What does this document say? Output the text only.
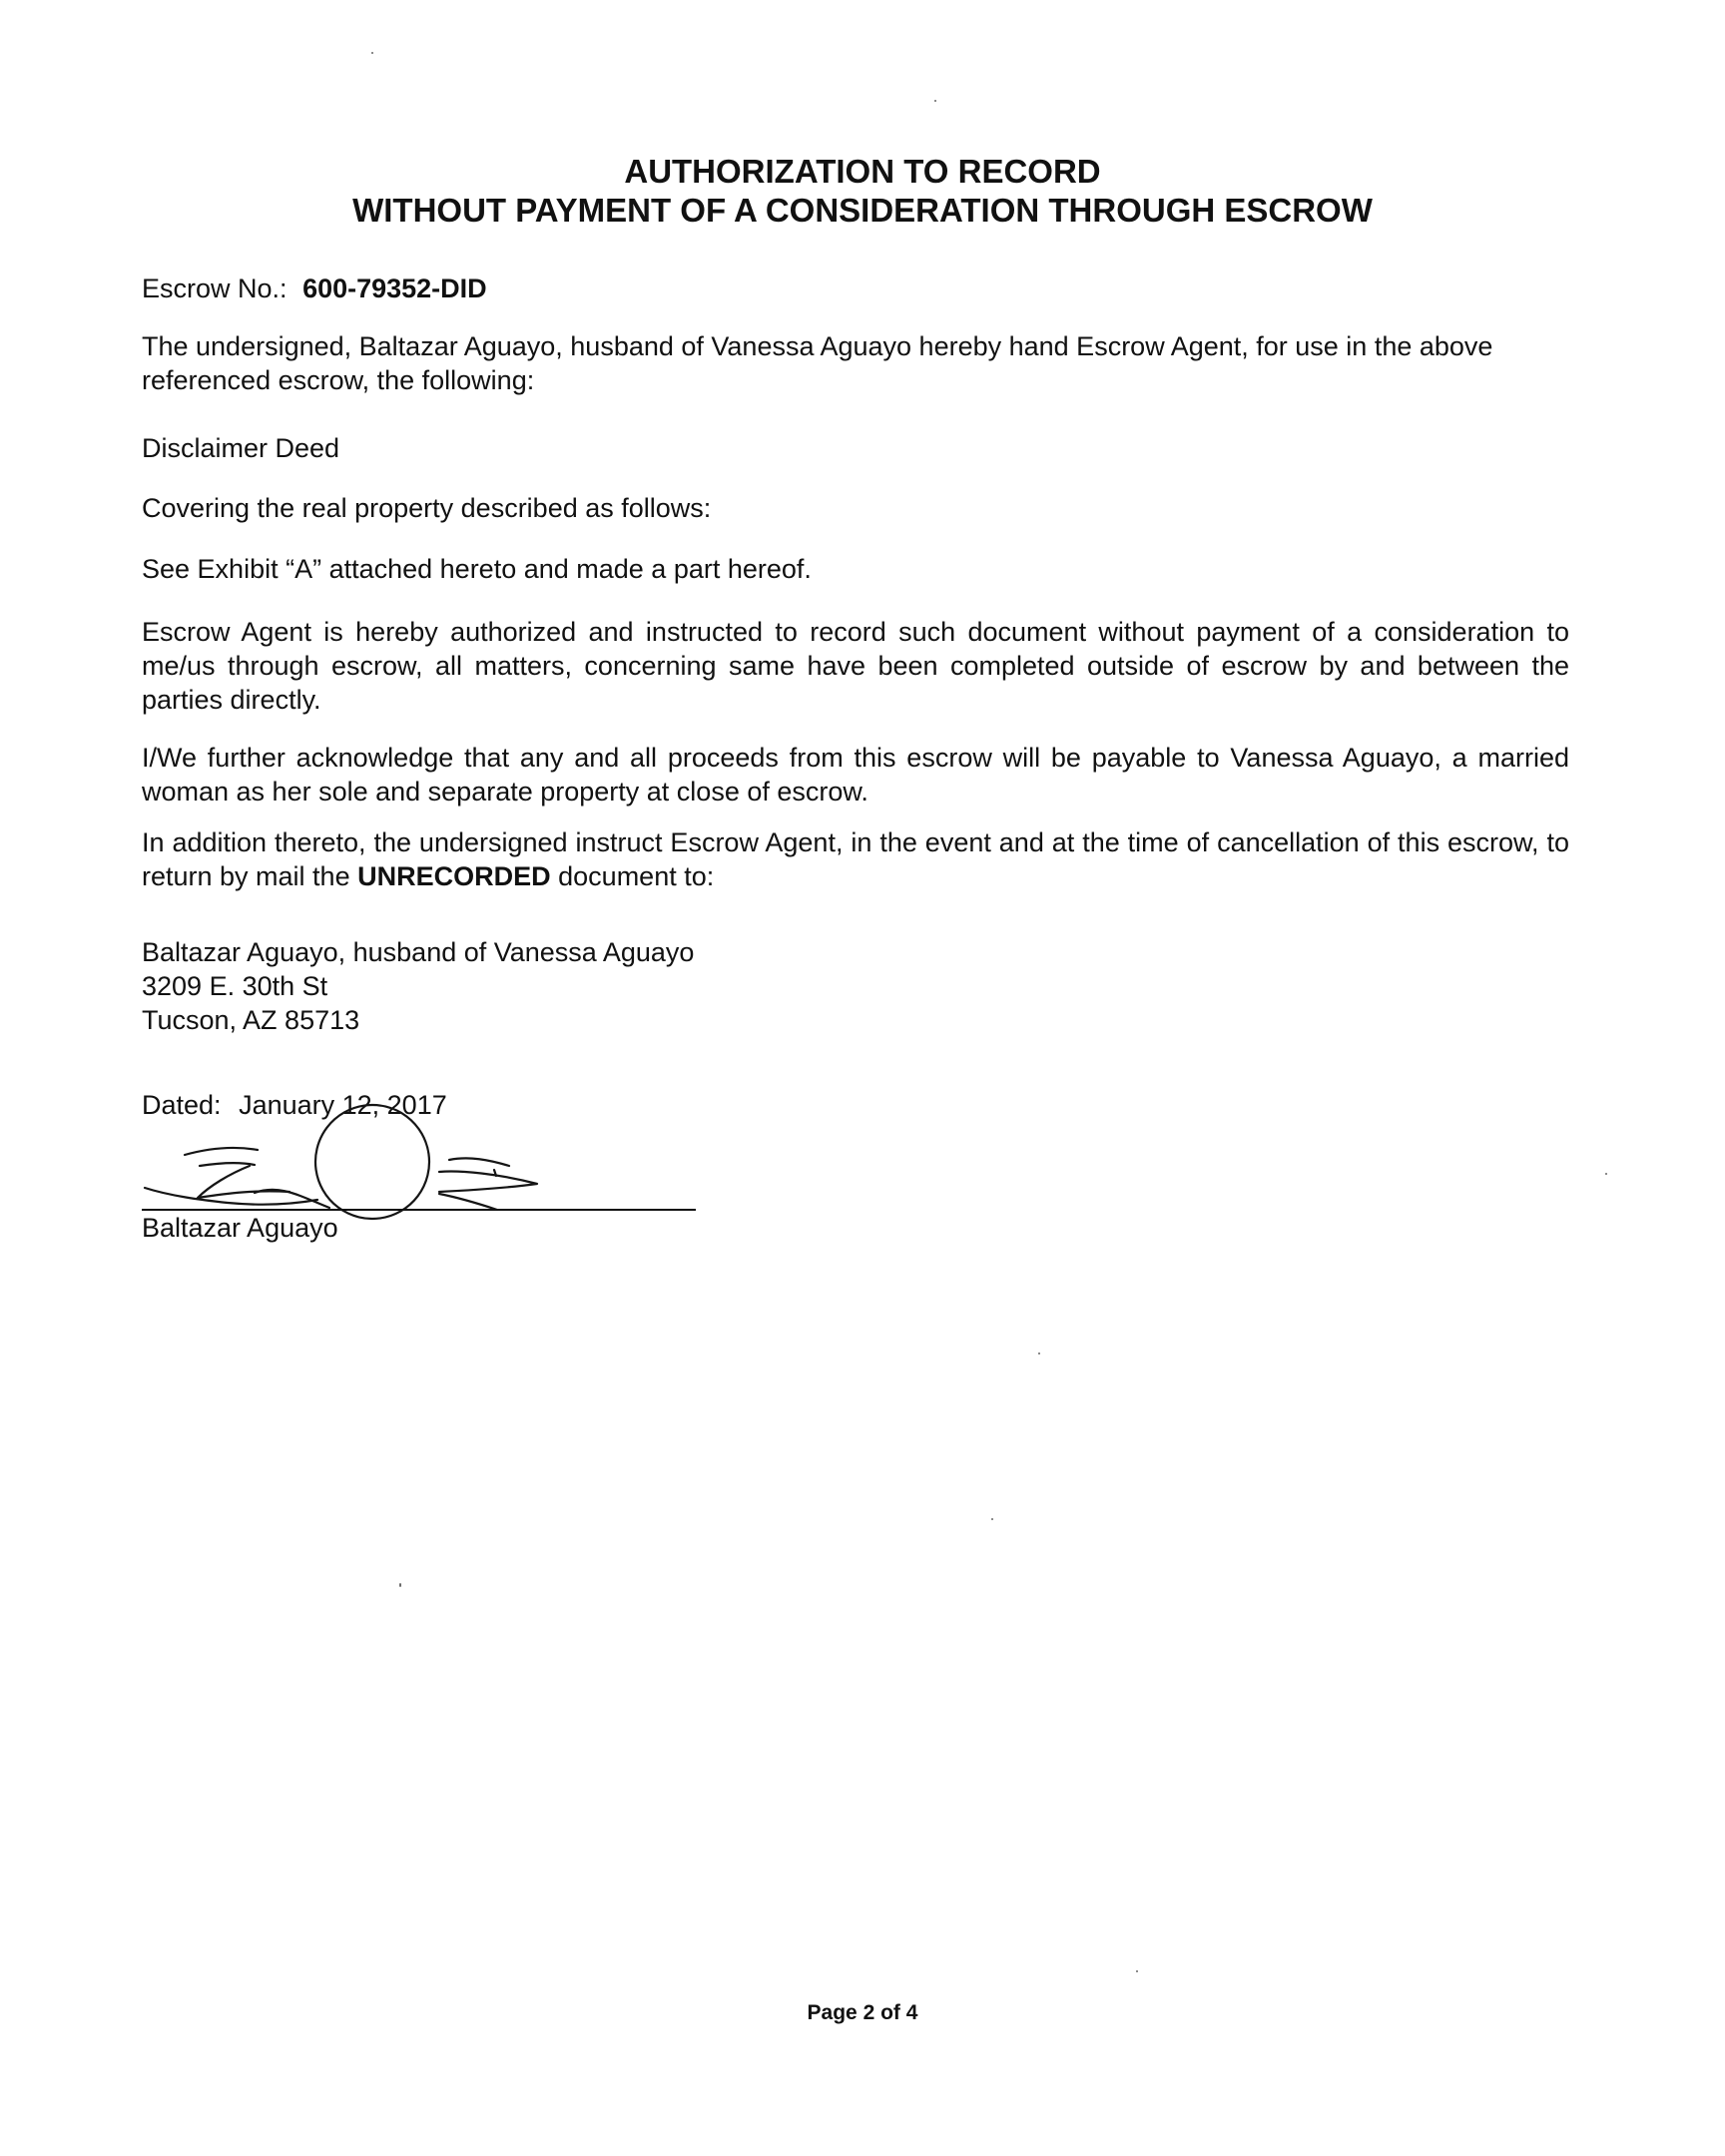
AUTHORIZATION TO RECORD
WITHOUT PAYMENT OF A CONSIDERATION THROUGH ESCROW

Escrow No.: 600-79352-DID

The undersigned, Baltazar Aguayo, husband of Vanessa Aguayo hereby hand Escrow Agent, for use in the above referenced escrow, the following:

Disclaimer Deed

Covering the real property described as follows:

See Exhibit “A” attached hereto and made a part hereof.

Escrow Agent is hereby authorized and instructed to record such document without payment of a consideration to me/us through escrow, all matters, concerning same have been completed outside of escrow by and between the parties directly.

I/We further acknowledge that any and all proceeds from this escrow will be payable to Vanessa Aguayo, a married woman as her sole and separate property at close of escrow.

In addition thereto, the undersigned instruct Escrow Agent, in the event and at the time of cancellation of this escrow, to return by mail the UNRECORDED document to:

Baltazar Aguayo, husband of Vanessa Aguayo
3209 E. 30th St
Tucson, AZ 85713

Dated: January 12, 2017

Baltazar Aguayo

Page 2 of 4
